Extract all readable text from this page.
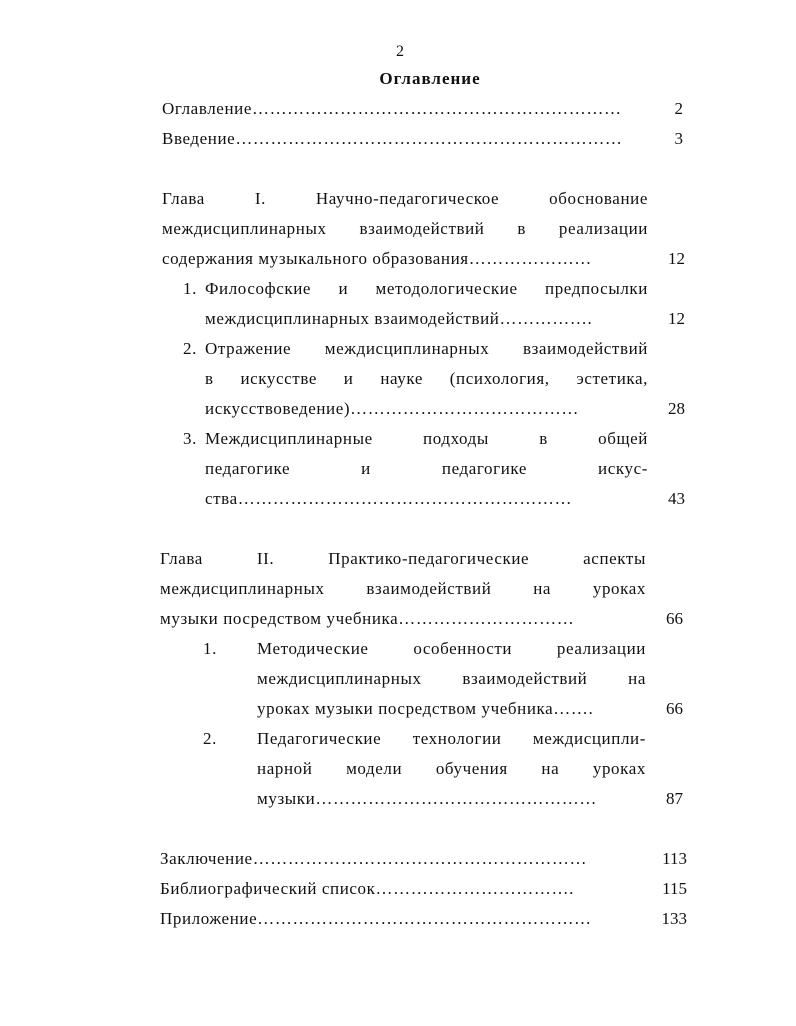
2
Оглавление
Оглавление………………………………………………………	2
Введение…………………………………………………………	3
Глава I. Научно-педагогическое обоснование
междисциплинарных взаимодействий в реализации
содержания музыкального образования…………………	12
1. Философские и методологические предпосылки
междисциплинарных взаимодействий…………….	12
2. Отражение междисциплинарных взаимодействий
в искусстве и науке (психология, эстетика,
искусствоведение)…………………………………	28
3. Междисциплинарные подходы в общей
педагогике и педагогике искус-
ства…………………………………………………	43
Глава II. Практико-педагогические аспекты
междисциплинарных взаимодействий на уроках
музыки посредством учебника…………………………	66
1. Методические особенности реализации
междисциплинарных взаимодействий на
уроках музыки посредством учебника…….	66
2. Педагогические технологии междисципли-
нарной модели обучения на уроках
музыки…………………………………………	87
Заключение…………………………………………………	113
Библиографический список…………………………….	115
Приложение…………………………………………………	133
